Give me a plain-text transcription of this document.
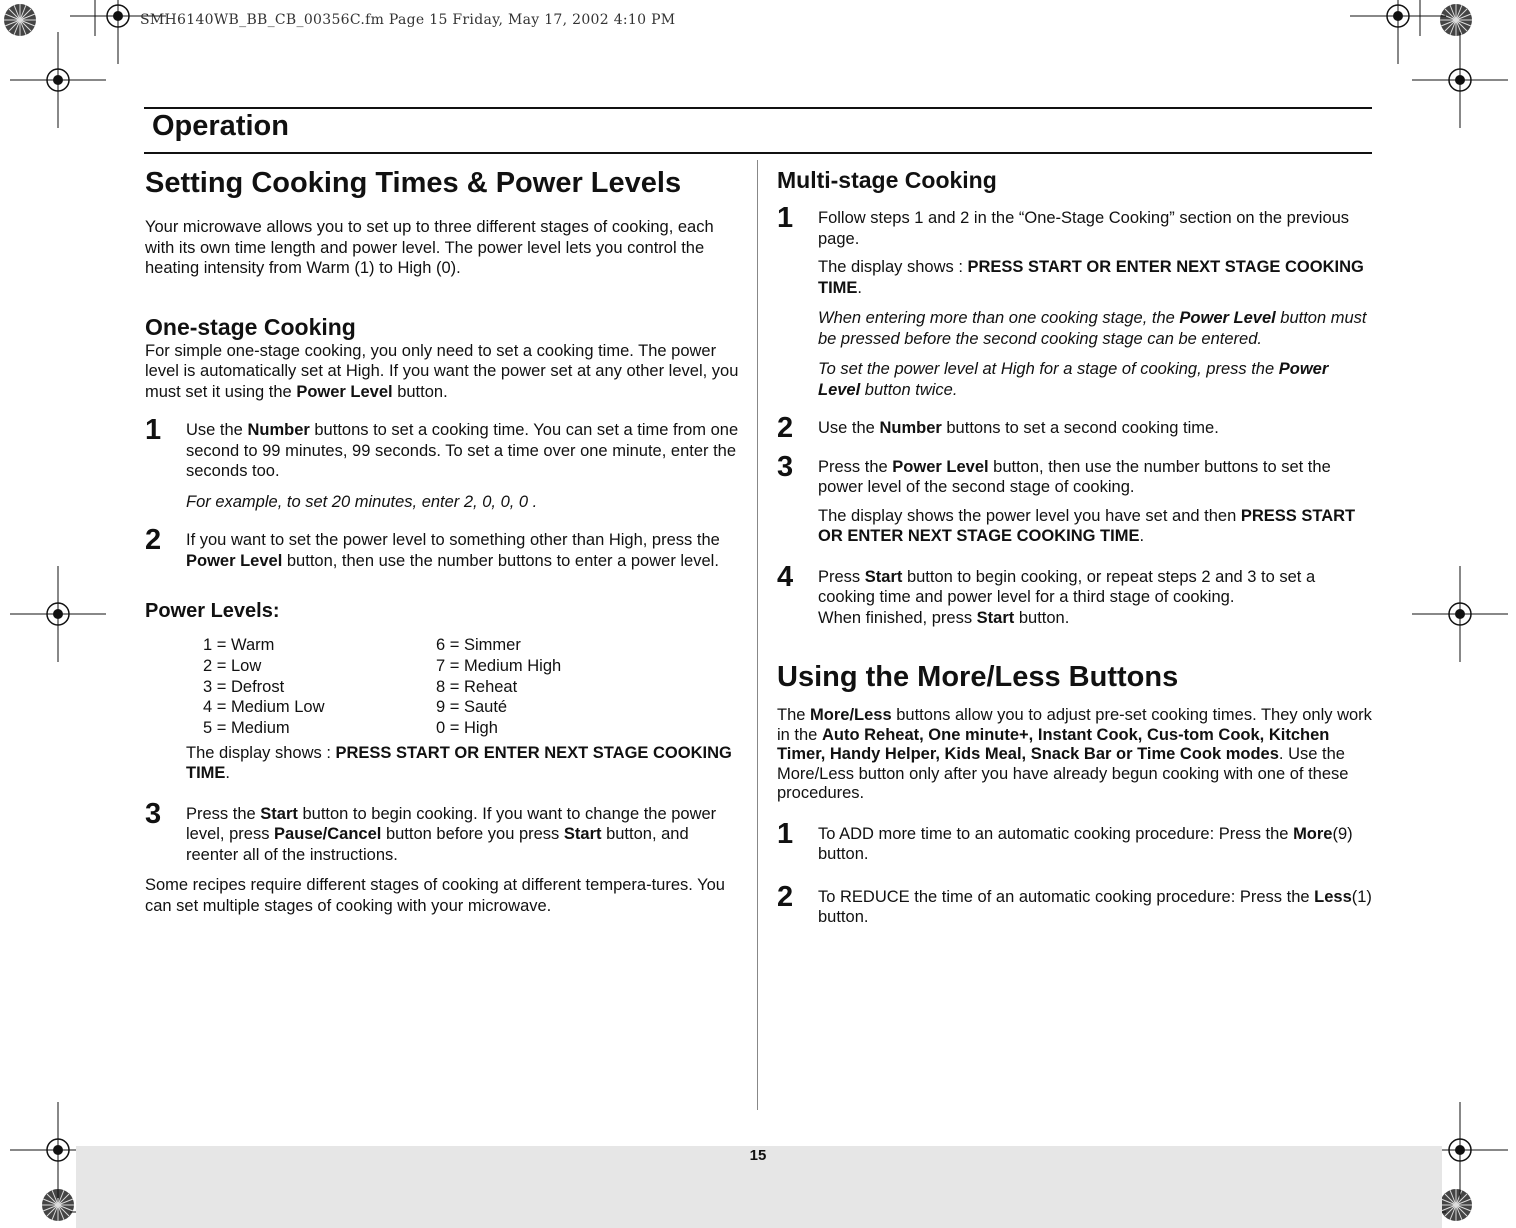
SMH6140WB_BB_CB_00356C.fm Page 15 Friday, May 17, 2002 4:10 PM
Operation
Setting Cooking Times & Power Levels

Your microwave allows you to set up to three different stages of cooking, each with its own time length and power level. The power level lets you control the heating intensity from Warm (1) to High (0).

One-stage Cooking

For simple one-stage cooking, you only need to set a cooking time. The power level is automatically set at High. If you want the power set at any other level, you must set it using the Power Level button.

1 Use the Number buttons to set a cooking time. You can set a time from one second to 99 minutes, 99 seconds. To set a time over one minute, enter the seconds too.

For example, to set 20 minutes, enter 2, 0, 0, 0 .

2 If you want to set the power level to something other than High, press the Power Level button, then use the number buttons to enter a power level.

Power Levels:
1 = Warm	6 = Simmer
2 = Low	7 = Medium High
3 = Defrost	8 = Reheat
4 = Medium Low	9 = Sauté
5 = Medium	0 = High

The display shows : PRESS START OR ENTER NEXT STAGE COOKING TIME.

3 Press the Start button to begin cooking. If you want to change the power level, press Pause/Cancel button before you press Start button, and reenter all of the instructions.

Some recipes require different stages of cooking at different tempera-tures. You can set multiple stages of cooking with your microwave.

Multi-stage Cooking
1 Follow steps 1 and 2 in the “One-Stage Cooking” section on the previous page.

The display shows : PRESS START OR ENTER NEXT STAGE COOKING TIME.

When entering more than one cooking stage, the Power Level button must be pressed before the second cooking stage can be entered.

To set the power level at High for a stage of cooking, press the Power Level button twice.

2 Use the Number buttons to set a second cooking time.

3 Press the Power Level button, then use the number buttons to set the power level of the second stage of cooking.

The display shows the power level you have set and then PRESS START OR ENTER NEXT STAGE COOKING TIME.

4 Press Start button to begin cooking, or repeat steps 2 and 3 to set a cooking time and power level for a third stage of cooking.
When finished, press Start button.

Using the More/Less Buttons

The More/Less buttons allow you to adjust pre-set cooking times. They only work in the Auto Reheat, One minute+, Instant Cook, Cus-tom Cook, Kitchen Timer, Handy Helper, Kids Meal, Snack Bar or Time Cook modes. Use the More/Less button only after you have already begun cooking with one of these procedures.

1 To ADD more time to an automatic cooking procedure: Press the More(9) button.

2 To REDUCE the time of an automatic cooking procedure: Press the Less(1) button.

15
